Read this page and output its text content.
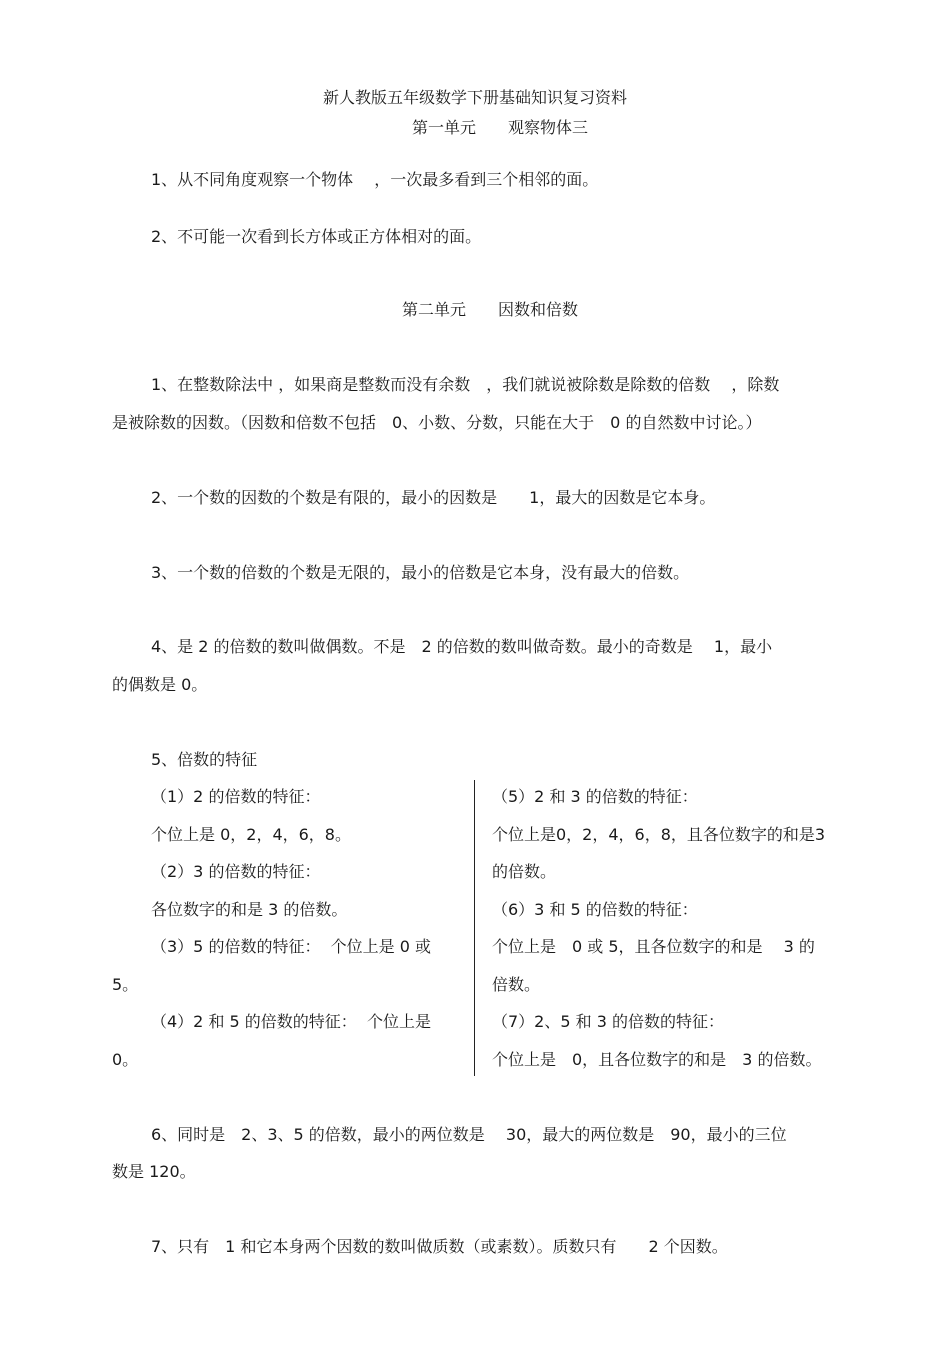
新人教版五年级数学下册基础知识复习资料
第一单元　　观察物体三
1、从不同角度观察一个物体　 ，一次最多看到三个相邻的面。
2、不可能一次看到长方体或正方体相对的面。
第二单元　　因数和倍数
1、在整数除法中 ，如果商是整数而没有余数　，我们就说被除数是除数的倍数　 ，除数
是被除数的因数。（因数和倍数不包括　0、小数、分数，只能在大于　0 的自然数中讨论。）
2、一个数的因数的个数是有限的，最小的因数是　　1，最大的因数是它本身。
3、一个数的倍数的个数是无限的，最小的倍数是它本身，没有最大的倍数。
4、是 2 的倍数的数叫做偶数。不是　2 的倍数的数叫做奇数。最小的奇数是　 1，最小
的偶数是 0。
5、倍数的特征
（1）2 的倍数的特征：
个位上是 0，2，4，6，8。
（2）3 的倍数的特征：
各位数字的和是 3 的倍数。
（3）5 的倍数的特征：  个位上是 0 或
5。
（4）2 和 5 的倍数的特征：  个位上是
0。
（5）2 和 3 的倍数的特征：
个位上是0，2，4，6，8，且各位数字的和是3
的倍数。
（6）3 和 5 的倍数的特征：
个位上是　0 或 5，且各位数字的和是　 3 的
倍数。
（7）2、5 和 3 的倍数的特征：
个位上是　0，且各位数字的和是　3 的倍数。
6、同时是　2、3、5 的倍数，最小的两位数是　 30，最大的两位数是　90，最小的三位
数是 120。
7、只有　1 和它本身两个因数的数叫做质数（或素数）。质数只有　　2 个因数。
